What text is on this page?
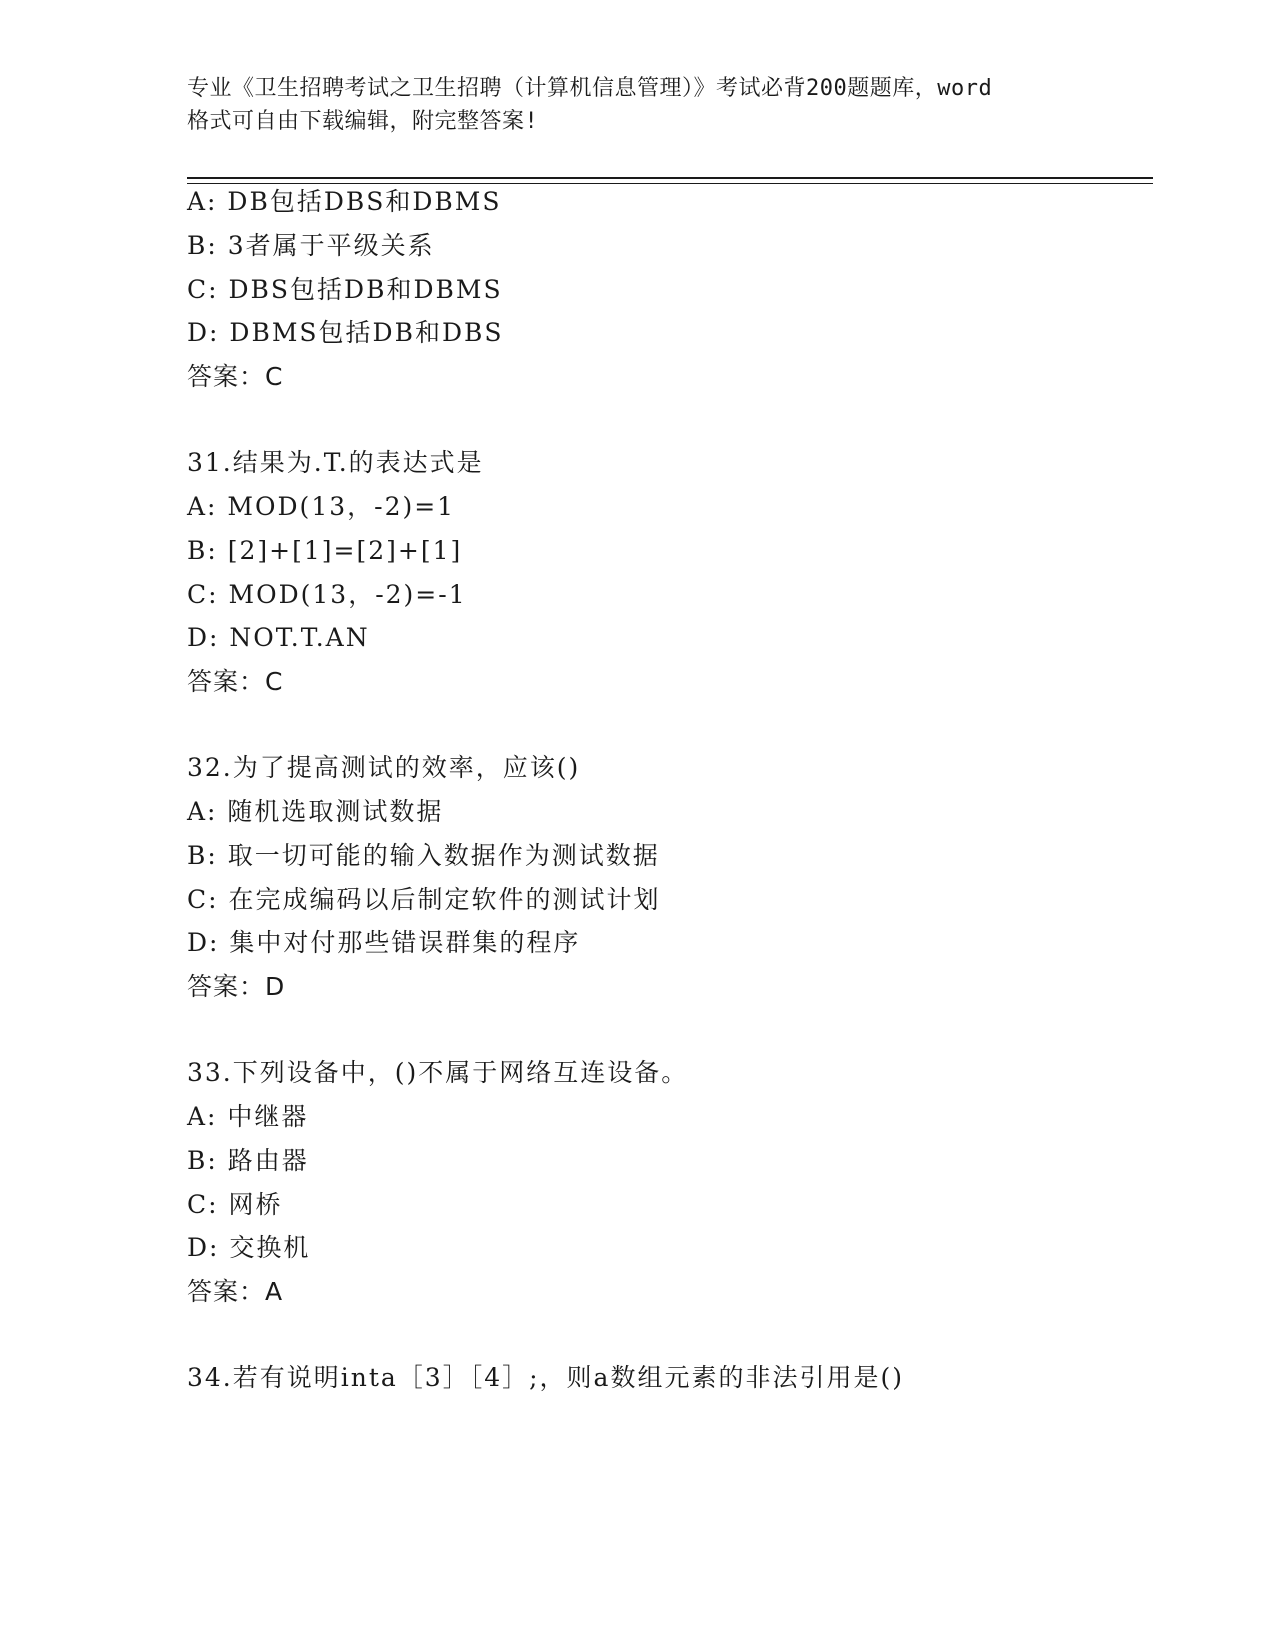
专业《卫生招聘考试之卫生招聘（计算机信息管理）》考试必背200题题库，word
格式可自由下载编辑，附完整答案!
A: DB包括DBS和DBMS
B: 3者属于平级关系
C: DBS包括DB和DBMS
D: DBMS包括DB和DBS
答案：C
31.结果为.T.的表达式是
A: MOD(13，-2)=1
B: [2]+[1]=[2]+[1]
C: MOD(13，-2)=-1
D: NOT.T.AN
答案：C
32.为了提高测试的效率，应该()
A: 随机选取测试数据
B: 取一切可能的输入数据作为测试数据
C: 在完成编码以后制定软件的测试计划
D: 集中对付那些错误群集的程序
答案：D
33.下列设备中，()不属于网络互连设备。
A: 中继器
B: 路由器
C: 网桥
D: 交换机
答案：A
34.若有说明inta［3］［4］;，则a数组元素的非法引用是()
